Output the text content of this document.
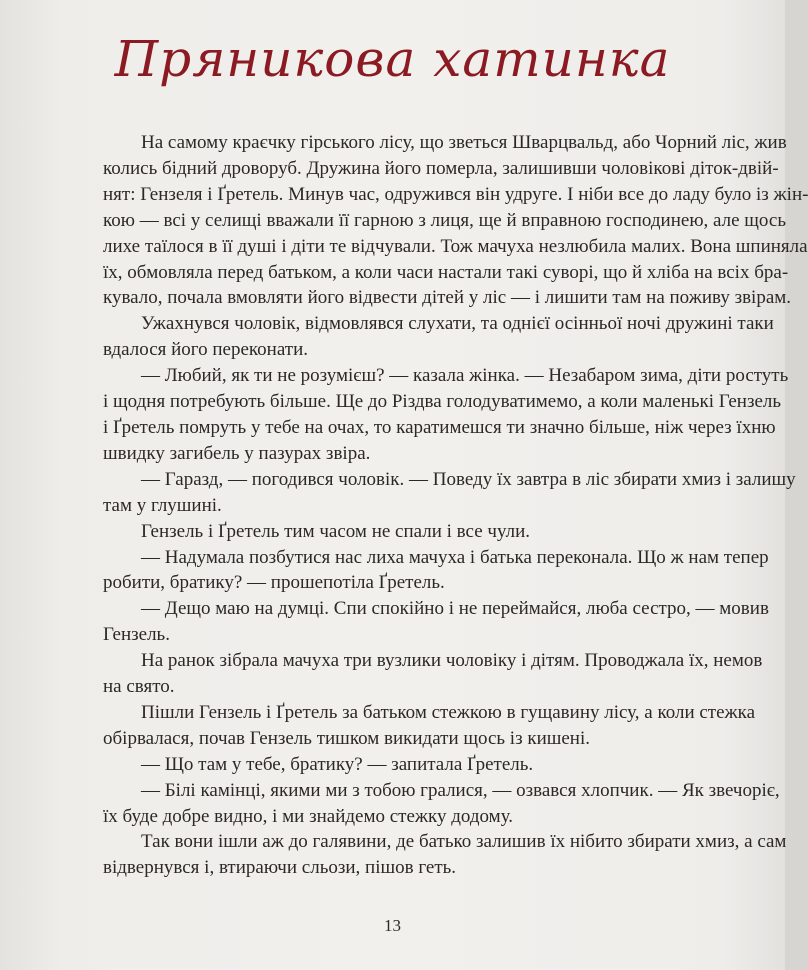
Пряникова хатинка

  На самому краєчку гірського лісу, що зветься Шварцвальд, або Чорний ліс, жив

колись бідний дроворуб. Дружина його померла, залишивши чоловікові діток-двій-

нят: Гензеля і Ґретель. Минув час, одружився він удруге. І ніби все до ладу було із жін-

кою — всі у селищі вважали її гарною з лиця, ще й вправною господинею, але щось

лихе таїлося в її душі і діти те відчували. Тож мачуха незлюбила малих. Вона шпиняла

їх, обмовляла перед батьком, а коли часи настали такі суворі, що й хліба на всіх бра-

кувало, почала вмовляти його відвести дітей у ліс — і лишити там на поживу звірам.

  Ужахнувся чоловік, відмовлявся слухати, та однієї осінньої ночі дружині таки

вдалося його переконати.

  — Любий, як ти не розумієш? — казала жінка. — Незабаром зима, діти ростуть

і щодня потребують більше. Ще до Різдва голодуватимемо, а коли маленькі Гензель

і Ґретель помруть у тебе на очах, то каратимешся ти значно більше, ніж через їхню

швидку загибель у пазурах звіра.

  — Гаразд, — погодився чоловік. — Поведу їх завтра в ліс збирати хмиз і залишу

там у глушині.

  Гензель і Ґретель тим часом не спали і все чули.

  — Надумала позбутися нас лиха мачуха і батька переконала. Що ж нам тепер

робити, братику? — прошепотіла Ґретель.

  — Дещо маю на думці. Спи спокійно і не переймайся, люба сестро, — мовив

Гензель.

  На ранок зібрала мачуха три вузлики чоловіку і дітям. Проводжала їх, немов

на свято.

  Пішли Гензель і Ґретель за батьком стежкою в гущавину лісу, а коли стежка

обірвалася, почав Гензель тишком викидати щось із кишені.

  — Що там у тебе, братику? — запитала Ґретель.

  — Білі камінці, якими ми з тобою гралися, — озвався хлопчик. — Як звечоріє,

їх буде добре видно, і ми знайдемо стежку додому.

  Так вони ішли аж до галявини, де батько залишив їх нібито збирати хмиз, а сам

відвернувся і, втираючи сльози, пішов геть.

13
